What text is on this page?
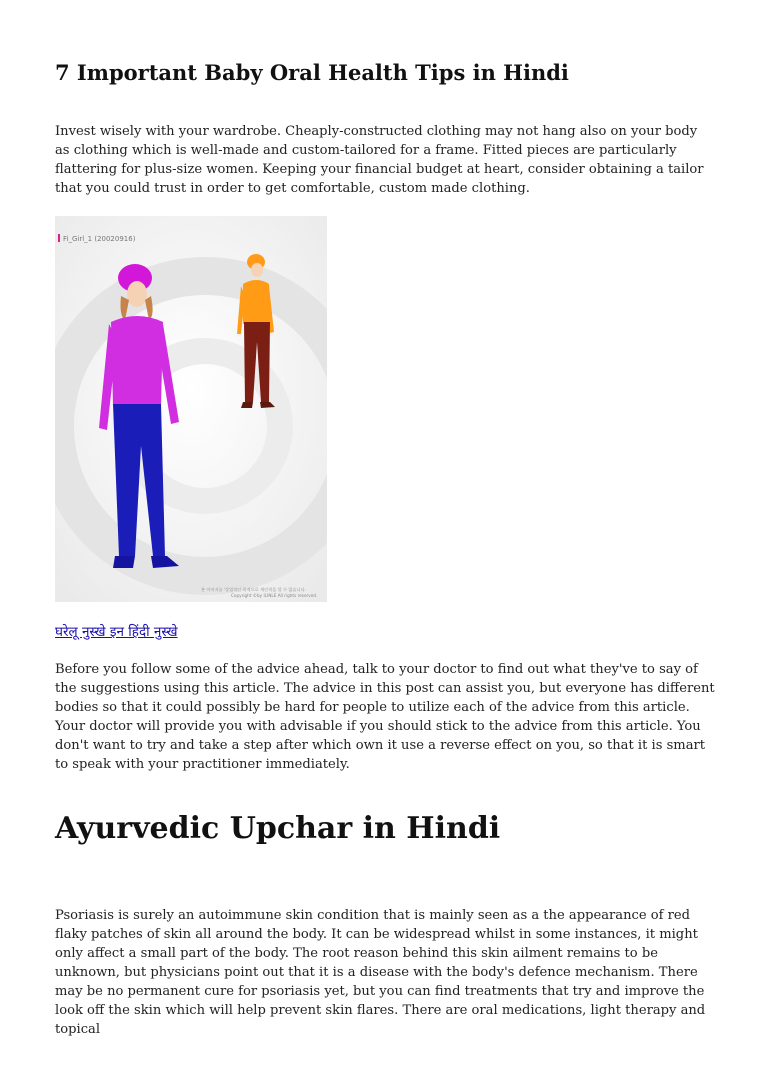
7 Important Baby Oral Health Tips in Hindi

Invest wisely with your wardrobe. Cheaply-constructed clothing may not hang also on your body as clothing which is well-made and custom-tailored for a frame. Fitted pieces are particularly flattering for plus-size women. Keeping your financial budget at heart, consider obtaining a tailor that you could trust in order to get comfortable, custom made clothing.

Fi_Girl_1 (20020916)
본 이미지를 '상업적인 목적으로 개인적을 할 수 없습니다.
Copyright ©by ILINLE All rights reserved.
घरेलू नुस्खे इन हिंदी नुस्खे

Before you follow some of the advice ahead, talk to your doctor to find out what they've to say of the suggestions using this article. The advice in this post can assist you, but everyone has different bodies so that it could possibly be hard for people to utilize each of the advice from this article. Your doctor will provide you with advisable if you should stick to the advice from this article. You don't want to try and take a step after which own it use a reverse effect on you, so that it is smart to speak with your practitioner immediately.

Ayurvedic Upchar in Hindi

Psoriasis is surely an autoimmune skin condition that is mainly seen as a the appearance of red flaky patches of skin all around the body. It can be widespread whilst in some instances, it might only affect a small part of the body. The root reason behind this skin ailment remains to be unknown, but physicians point out that it is a disease with the body's defence mechanism. There may be no permanent cure for psoriasis yet, but you can find treatments that try and improve the look off the skin which will help prevent skin flares. There are oral medications, light therapy and topical
